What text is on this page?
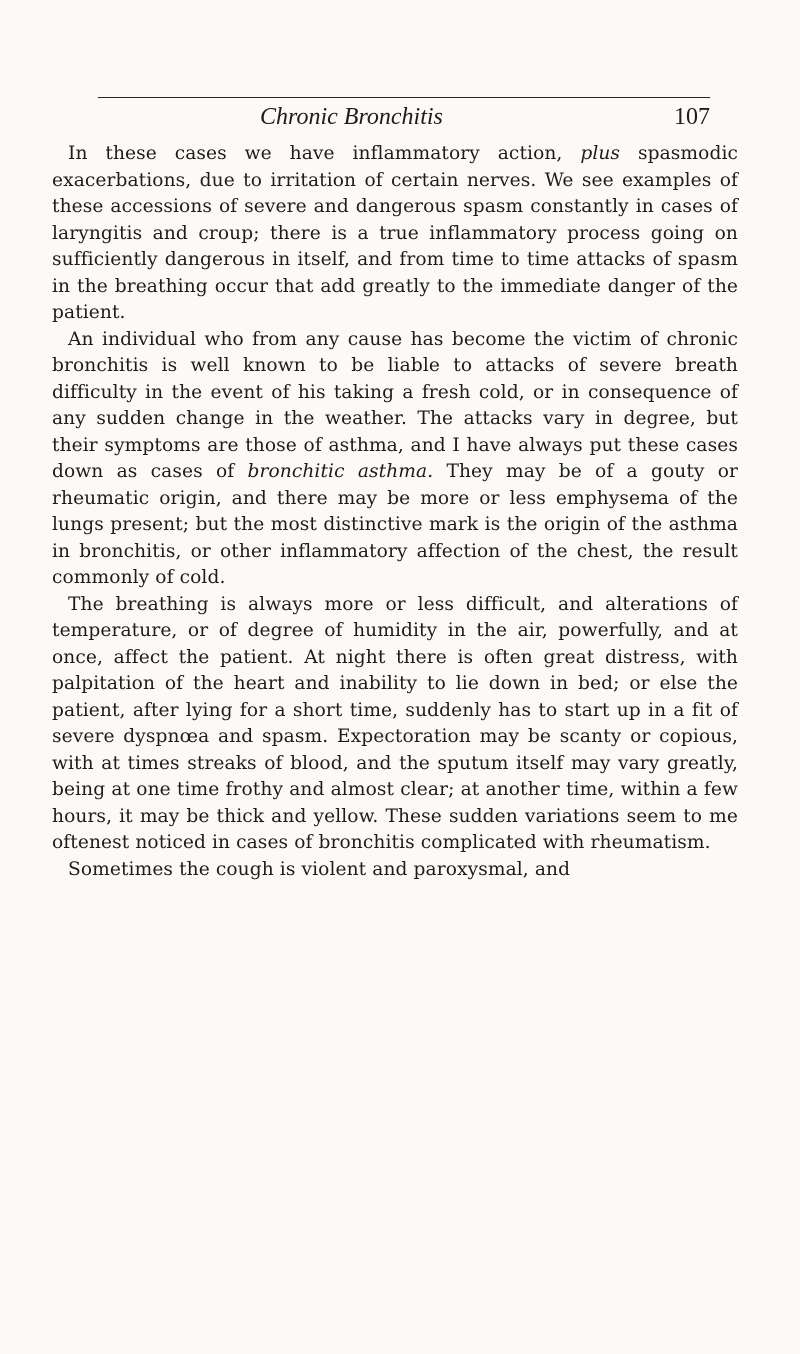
Chronic Bronchitis	107

In these cases we have inflammatory action, plus spasmodic exacerbations, due to irritation of certain nerves. We see examples of these accessions of severe and dangerous spasm constantly in cases of laryngitis and croup; there is a true inflammatory process going on sufficiently dangerous in itself, and from time to time attacks of spasm in the breathing occur that add greatly to the immediate danger of the patient.

An individual who from any cause has become the victim of chronic bronchitis is well known to be liable to attacks of severe breath difficulty in the event of his taking a fresh cold, or in consequence of any sudden change in the weather. The attacks vary in degree, but their symptoms are those of asthma, and I have always put these cases down as cases of bronchitic asthma. They may be of a gouty or rheumatic origin, and there may be more or less emphysema of the lungs present; but the most distinctive mark is the origin of the asthma in bronchitis, or other inflammatory affection of the chest, the result commonly of cold.

The breathing is always more or less difficult, and alterations of temperature, or of degree of humidity in the air, powerfully, and at once, affect the patient. At night there is often great distress, with palpitation of the heart and inability to lie down in bed; or else the patient, after lying for a short time, suddenly has to start up in a fit of severe dyspnœa and spasm. Expectoration may be scanty or copious, with at times streaks of blood, and the sputum itself may vary greatly, being at one time frothy and almost clear; at another time, within a few hours, it may be thick and yellow. These sudden variations seem to me oftenest noticed in cases of bronchitis complicated with rheumatism.

Sometimes the cough is violent and paroxysmal, and
